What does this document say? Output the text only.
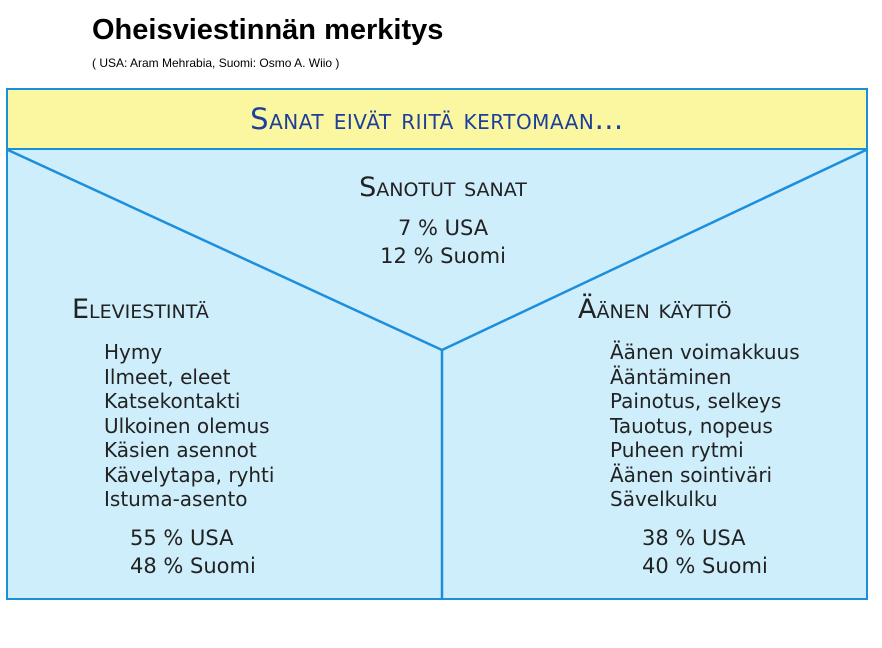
Oheisviestinnän merkitys
( USA: Aram Mehrabia, Suomi: Osmo A. Wiio )
Sanat eivät riitä kertomaan…
Sanotut sanat
7 % USA
12 % Suomi
Eleviestintä
Hymy
Ilmeet, eleet
Katsekontakti
Ulkoinen olemus
Käsien asennot
Kävelytapa, ryhti
Istuma-asento
55 % USA
48 % Suomi
Äänen käyttö
Äänen voimakkuus
Ääntäminen
Painotus, selkeys
Tauotus, nopeus
Puheen rytmi
Äänen sointiväri
Sävelkulku
38 % USA
40 % Suomi
